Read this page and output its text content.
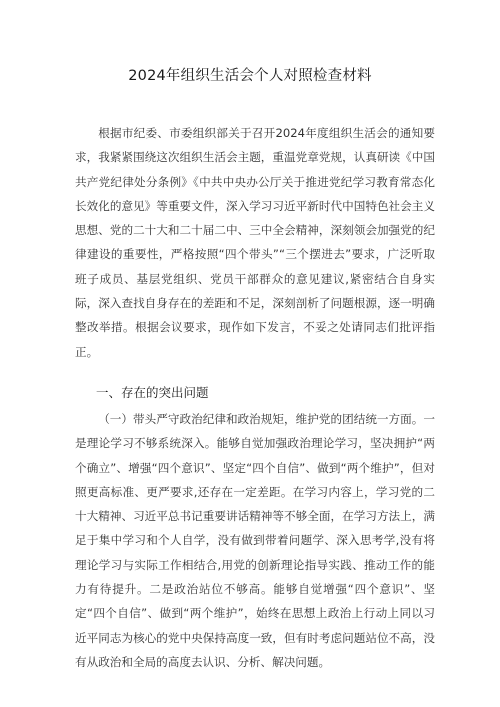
2024年组织生活会个人对照检查材料

根据市纪委、市委组织部关于召开2024年度组织生活会的通知要求，我紧紧围绕这次组织生活会主题，重温党章党规，认真研读《中国共产党纪律处分条例》《中共中央办公厅关于推进党纪学习教育常态化长效化的意见》等重要文件，深入学习习近平新时代中国特色社会主义思想、党的二十大和二十届二中、三中全会精神，深刻领会加强党的纪律建设的重要性，严格按照“四个带头”“三个摆进去”要求，广泛听取班子成员、基层党组织、党员干部群众的意见建议,紧密结合自身实际，深入查找自身存在的差距和不足，深刻剖析了问题根源，逐一明确整改举措。根据会议要求，现作如下发言，不妥之处请同志们批评指正。

一、存在的突出问题

（一）带头严守政治纪律和政治规矩，维护党的团结统一方面。一是理论学习不够系统深入。能够自觉加强政治理论学习，坚决拥护“两个确立”、增强“四个意识”、坚定“四个自信”、做到“两个维护”，但对照更高标准、更严要求,还存在一定差距。在学习内容上，学习党的二十大精神、习近平总书记重要讲话精神等不够全面，在学习方法上，满足于集中学习和个人自学，没有做到带着问题学、深入思考学,没有将理论学习与实际工作相结合,用党的创新理论指导实践、推动工作的能力有待提升。二是政治站位不够高。能够自觉增强“四个意识”、坚定“四个自信”、做到“两个维护”，始终在思想上政治上行动上同以习近平同志为核心的党中央保持高度一致，但有时考虑问题站位不高，没有从政治和全局的高度去认识、分析、解决问题。
